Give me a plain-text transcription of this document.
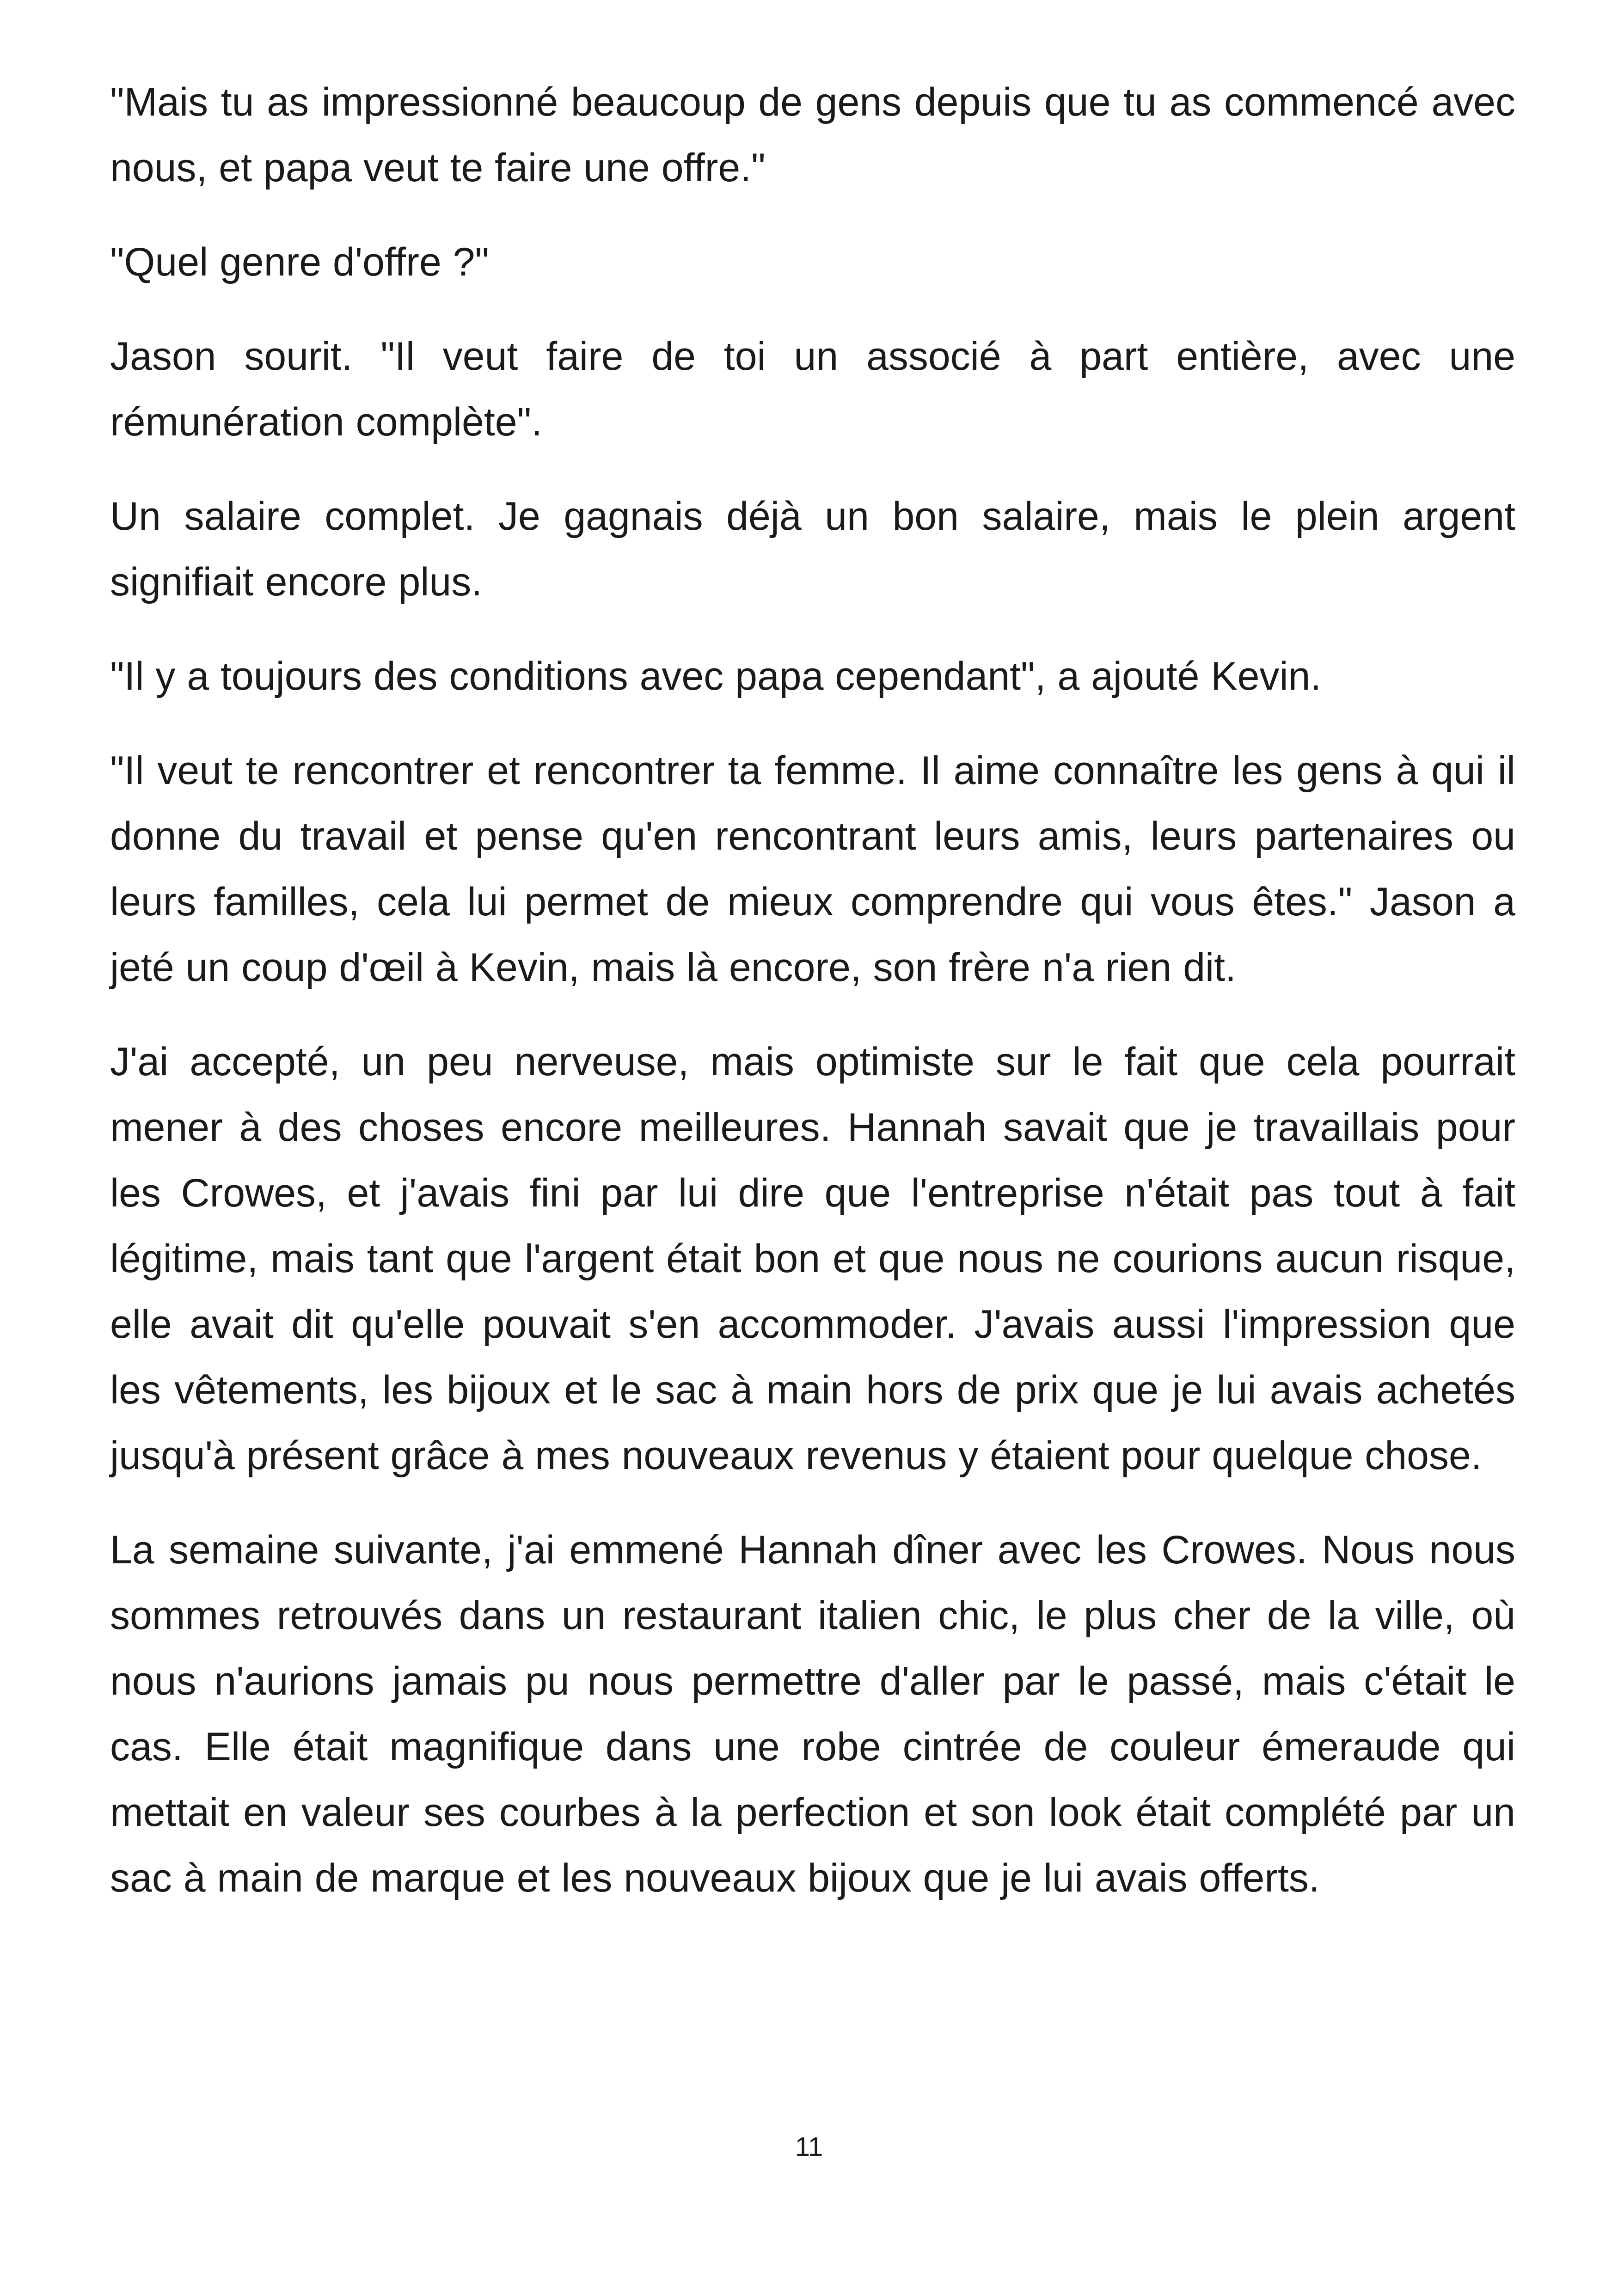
"Mais tu as impressionné beaucoup de gens depuis que tu as commencé avec nous, et papa veut te faire une offre."

"Quel genre d'offre ?"

Jason sourit. "Il veut faire de toi un associé à part entière, avec une rémunération complète".

Un salaire complet. Je gagnais déjà un bon salaire, mais le plein argent signifiait encore plus.

"Il y a toujours des conditions avec papa cependant", a ajouté Kevin.

"Il veut te rencontrer et rencontrer ta femme. Il aime connaître les gens à qui il donne du travail et pense qu'en rencontrant leurs amis, leurs partenaires ou leurs familles, cela lui permet de mieux comprendre qui vous êtes." Jason a jeté un coup d'œil à Kevin, mais là encore, son frère n'a rien dit.

J'ai accepté, un peu nerveuse, mais optimiste sur le fait que cela pourrait mener à des choses encore meilleures. Hannah savait que je travaillais pour les Crowes, et j'avais fini par lui dire que l'entreprise n'était pas tout à fait légitime, mais tant que l'argent était bon et que nous ne courions aucun risque, elle avait dit qu'elle pouvait s'en accommoder. J'avais aussi l'impression que les vêtements, les bijoux et le sac à main hors de prix que je lui avais achetés jusqu'à présent grâce à mes nouveaux revenus y étaient pour quelque chose.

La semaine suivante, j'ai emmené Hannah dîner avec les Crowes. Nous nous sommes retrouvés dans un restaurant italien chic, le plus cher de la ville, où nous n'aurions jamais pu nous permettre d'aller par le passé, mais c'était le cas. Elle était magnifique dans une robe cintrée de couleur émeraude qui mettait en valeur ses courbes à la perfection et son look était complété par un sac à main de marque et les nouveaux bijoux que je lui avais offerts.

11
